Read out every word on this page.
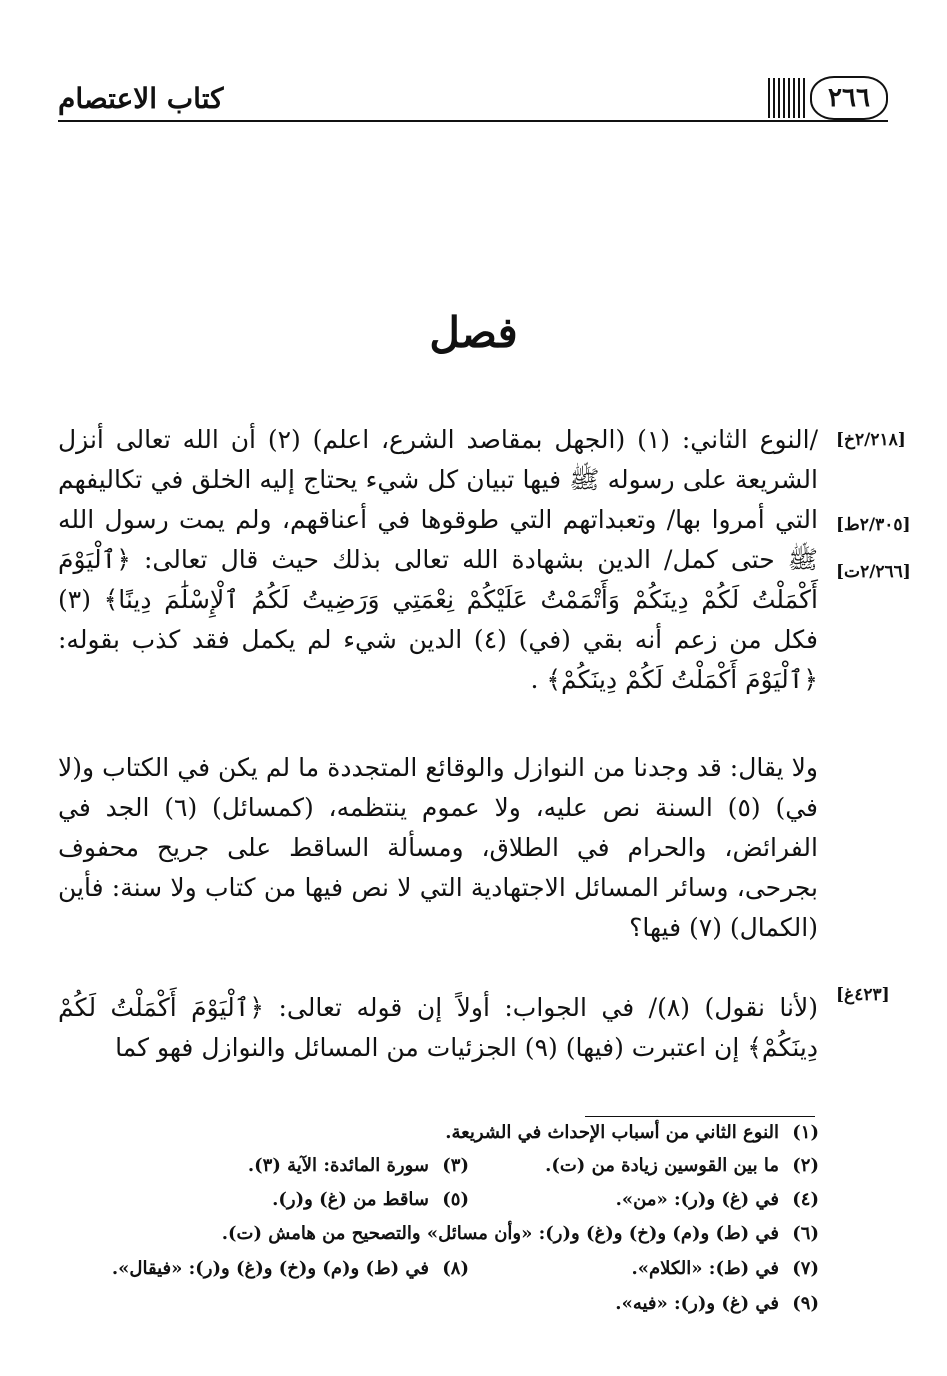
كتاب الاعتصام	٢٦٦
فصل
[٢/٢١٨خ]
[٢/٣٠٥ط]
[٢/٢٦٦ت]
[٤٢٣غ]
/النوع الثاني: (١) (الجهل بمقاصد الشرع، اعلم) (٢) أن الله تعالى أنزل الشريعة على رسوله ﷺ فيها تبيان كل شيء يحتاج إليه الخلق في تكاليفهم التي أمروا بها/ وتعبداتهم التي طوقوها في أعناقهم، ولم يمت رسول الله ﷺ حتى كمل/ الدين بشهادة الله تعالى بذلك حيث قال تعالى: ﴿ٱلْيَوْمَ أَكْمَلْتُ لَكُمْ دِينَكُمْ وَأَتْمَمْتُ عَلَيْكُمْ نِعْمَتِي وَرَضِيتُ لَكُمُ ٱلْإِسْلَٰمَ دِينًا﴾ (٣) فكل من زعم أنه بقي (في) (٤) الدين شيء لم يكمل فقد كذب بقوله: ﴿ٱلْيَوْمَ أَكْمَلْتُ لَكُمْ دِينَكُمْ﴾ .
ولا يقال: قد وجدنا من النوازل والوقائع المتجددة ما لم يكن في الكتاب و(لا في) (٥) السنة نص عليه، ولا عموم ينتظمه، (كمسائل) (٦) الجد في الفرائض، والحرام في الطلاق، ومسألة الساقط على جريح محفوف بجرحى، وسائر المسائل الاجتهادية التي لا نص فيها من كتاب ولا سنة: فأين (الكمال) (٧) فيها؟
(لأنا نقول) (٨)/ في الجواب: أولاً إن قوله تعالى: ﴿ٱلْيَوْمَ أَكْمَلْتُ لَكُمْ دِينَكُمْ﴾ إن اعتبرت (فيها) (٩) الجزئيات من المسائل والنوازل فهو كما
(١)النوع الثاني من أسباب الإحداث في الشريعة.
(٢)ما بين القوسين زيادة من (ت).
(٣)سورة المائدة: الآية (٣).
(٤)في (غ) و(ر): «من».
(٥)ساقط من (غ) و(ر).
(٦)في (ط) و(م) و(خ) و(غ) و(ر): «وأن مسائل» والتصحيح من هامش (ت).
(٧)في (ط): «الكلام».
(٨)في (ط) و(م) و(خ) و(غ) و(ر): «فيقال».
(٩)في (غ) و(ر): «فيه».
